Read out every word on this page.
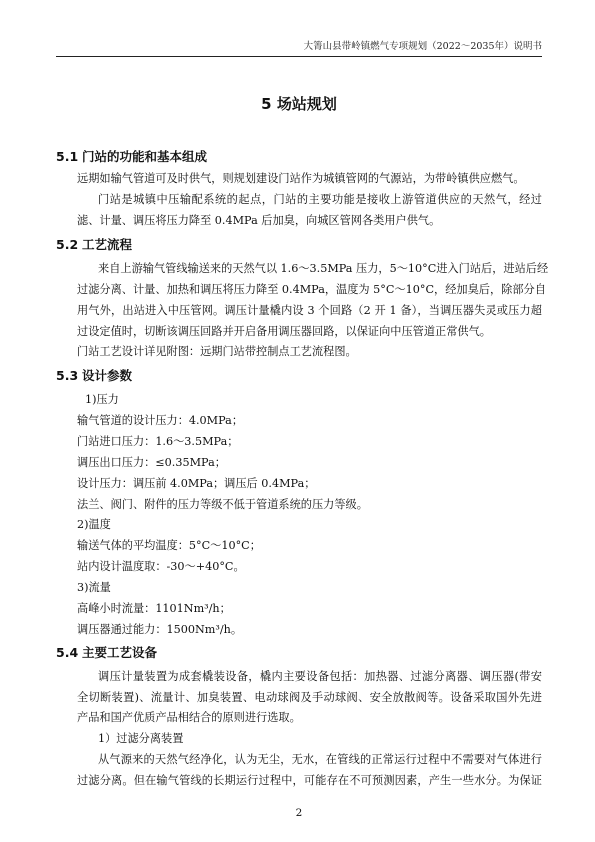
大箐山县带岭镇燃气专项规划（2022～2035年）说明书
5 场站规划
5.1 门站的功能和基本组成
远期如输气管道可及时供气，则规划建设门站作为城镇管网的气源站，为带岭镇供应燃气。
门站是城镇中压输配系统的起点，门站的主要功能是接收上游管道供应的天然气，经过
滤、计量、调压将压力降至 0.4MPa 后加臭，向城区管网各类用户供气。
5.2 工艺流程
来自上游输气管线输送来的天然气以 1.6～3.5MPa 压力，5～10°C进入门站后，进站后经
过滤分离、计量、加热和调压将压力降至 0.4MPa，温度为 5°C～10°C，经加臭后，除部分自
用气外，出站进入中压管网。调压计量橇内设 3 个回路（2 开 1 备），当调压器失灵或压力超
过设定值时，切断该调压回路并开启备用调压器回路，以保证向中压管道正常供气。
门站工艺设计详见附图：远期门站带控制点工艺流程图。
5.3 设计参数
1)压力
输气管道的设计压力：4.0MPa；
门站进口压力：1.6～3.5MPa；
调压出口压力：≤0.35MPa；
设计压力：调压前 4.0MPa；调压后 0.4MPa；
法兰、阀门、附件的压力等级不低于管道系统的压力等级。
2)温度
输送气体的平均温度：5°C～10°C；
站内设计温度取：-30～+40°C。
3)流量
高峰小时流量：1101Nm³/h；
调压器通过能力：1500Nm³/h。
5.4 主要工艺设备
调压计量装置为成套橇装设备，橇内主要设备包括：加热器、过滤分离器、调压器(带安
全切断装置)、流量计、加臭装置、电动球阀及手动球阀、安全放散阀等。设备采取国外先进
产品和国产优质产品相结合的原则进行选取。
1）过滤分离装置
从气源来的天然气经净化，认为无尘，无水，在管线的正常运行过程中不需要对气体进行
过滤分离。但在输气管线的长期运行过程中，可能存在不可预测因素，产生一些水分。为保证
2
